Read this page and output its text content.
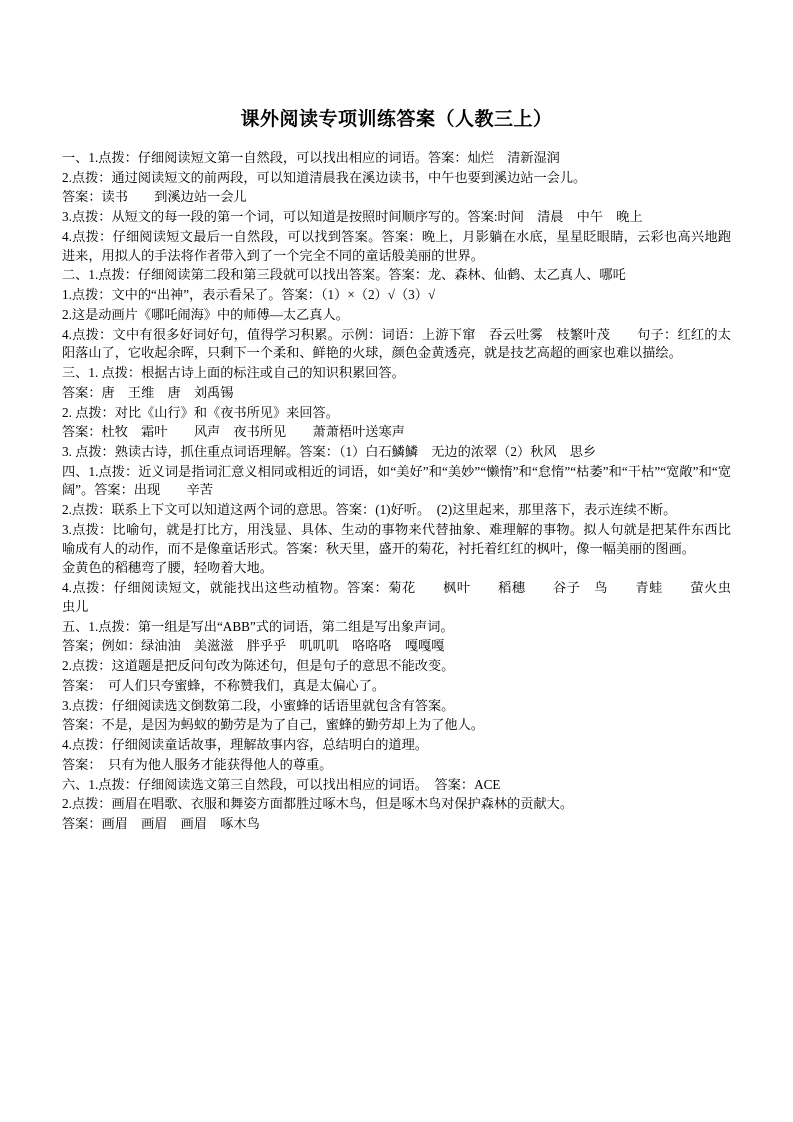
课外阅读专项训练答案（人教三上）

一、1.点拨：仔细阅读短文第一自然段，可以找出相应的词语。答案：灿烂　清新湿润

2.点拨：通过阅读短文的前两段，可以知道清晨我在溪边读书，中午也要到溪边站一会儿。

答案：读书　　到溪边站一会儿

3.点拨：从短文的每一段的第一个词，可以知道是按照时间顺序写的。答案:时间　清晨　中午　晚上

4.点拨：仔细阅读短文最后一自然段，可以找到答案。答案：晚上，月影躺在水底，星星眨眼睛，云彩也高兴地跑进来，用拟人的手法将作者带入到了一个完全不同的童话般美丽的世界。

二、1.点拨：仔细阅读第二段和第三段就可以找出答案。答案：龙、森林、仙鹤、太乙真人、哪吒

1.点拨：文中的“出神”，表示看呆了。答案：（1）×（2）√（3）√

2.这是动画片《哪吒闹海》中的师傅—太乙真人。

4.点拨：文中有很多好词好句，值得学习积累。示例：词语：上游下窜　吞云吐雾　枝繁叶茂　　句子：红红的太阳落山了，它收起余晖，只剩下一个柔和、鲜艳的火球，颜色金黄透亮，就是技艺高超的画家也难以描绘。

三、1. 点拨：根据古诗上面的标注或自己的知识积累回答。

答案：唐　王维　唐　刘禹锡

2. 点拨：对比《山行》和《夜书所见》来回答。

答案：杜牧　霜叶　　风声　夜书所见　　萧萧梧叶送寒声

3. 点拨：熟读古诗，抓住重点词语理解。答案：（1）白石鱗鱗　无边的浓翠（2）秋风　思乡

四、1.点拨：近义词是指词汇意义相同或相近的词语，如“美好”和“美妙”“懒惰”和“怠惰”“枯萎”和“干枯”“宽敞”和“宽阔”。答案：出现　　辛苦

2.点拨：联系上下文可以知道这两个词的意思。答案：(1)好听。　(2)这里起来，那里落下，表示连续不断。

3.点拨：比喻句，就是打比方，用浅显、具体、生动的事物来代替抽象、难理解的事物。拟人句就是把某件东西比喻成有人的动作，而不是像童话形式。答案：秋天里，盛开的菊花，衬托着红红的枫叶，像一幅美丽的图画。

金黄色的稻穗弯了腰，轻吻着大地。

4.点拨：仔细阅读短文，就能找出这些动植物。答案：菊花　　枫叶　　稻穗　　谷子　鸟　　青蛙　　萤火虫　　虫儿

五、1.点拨：第一组是写出“ABB”式的词语，第二组是写出象声词。

答案；例如：绿油油　美滋滋　胖乎乎　叽叽叽　咯咯咯　嘎嘎嘎

2.点拨：这道题是把反问句改为陈述句，但是句子的意思不能改变。

答案：　可人们只夸蜜蜂，不称赞我们，真是太偏心了。

3.点拨：仔细阅读选文倒数第二段，小蜜蜂的话语里就包含有答案。

答案：不是，是因为蚂蚁的勤劳是为了自己，蜜蜂的勤劳却上为了他人。

4.点拨：仔细阅读童话故事，理解故事内容，总结明白的道理。

答案：　只有为他人服务才能获得他人的尊重。

六、1.点拨：仔细阅读选文第三自然段，可以找出相应的词语。　答案：ACE

2.点拨：画眉在唱歌、衣服和舞姿方面都胜过啄木鸟，但是啄木鸟对保护森林的贡献大。

答案：画眉　画眉　画眉　啄木鸟
